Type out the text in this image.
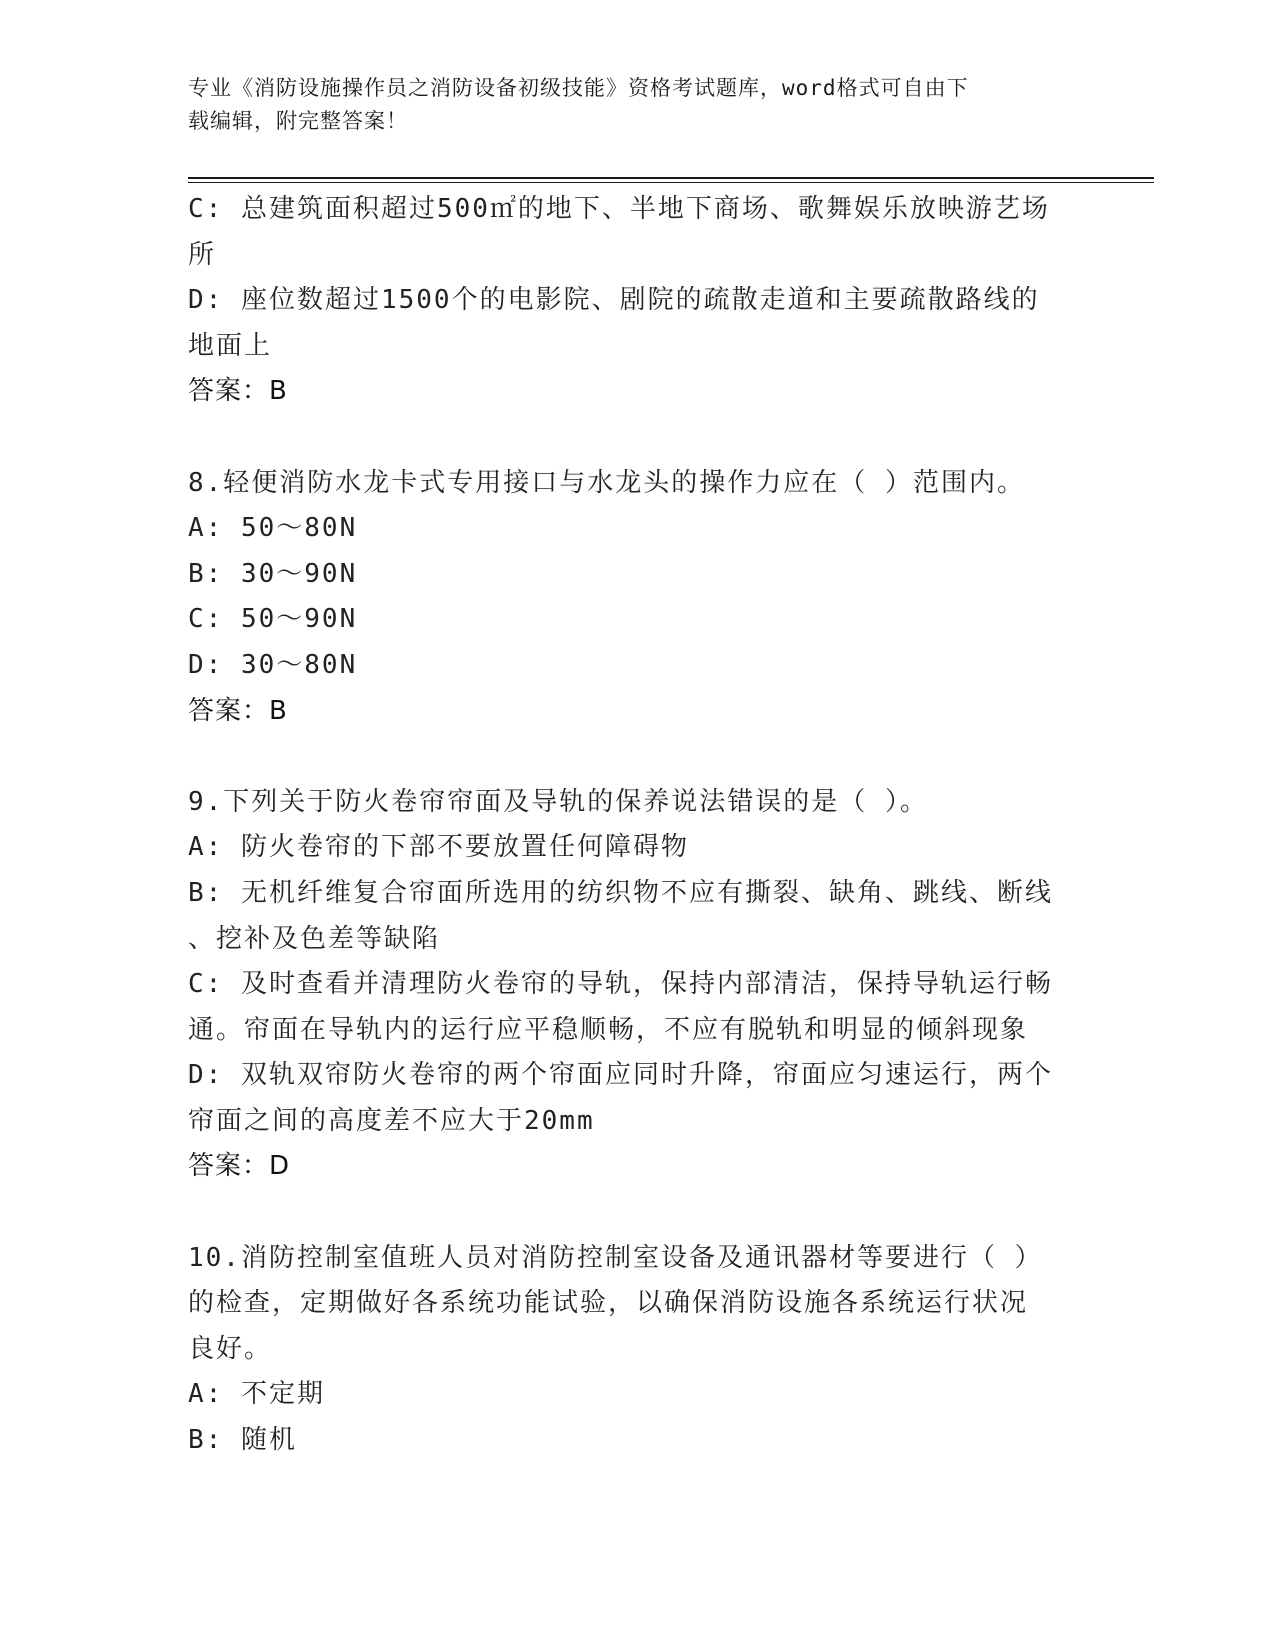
专业《消防设施操作员之消防设备初级技能》资格考试题库，word格式可自由下
载编辑，附完整答案！
C: 总建筑面积超过500㎡的地下、半地下商场、歌舞娱乐放映游艺场
所
D: 座位数超过1500个的电影院、剧院的疏散走道和主要疏散路线的
地面上
答案：B
8.轻便消防水龙卡式专用接口与水龙头的操作力应在（ ）范围内。
A: 50～80N
B: 30～90N
C: 50～90N
D: 30～80N
答案：B
9.下列关于防火卷帘帘面及导轨的保养说法错误的是（ ）。
A: 防火卷帘的下部不要放置任何障碍物
B: 无机纤维复合帘面所选用的纺织物不应有撕裂、缺角、跳线、断线
、挖补及色差等缺陷
C: 及时查看并清理防火卷帘的导轨，保持内部清洁，保持导轨运行畅
通。帘面在导轨内的运行应平稳顺畅，不应有脱轨和明显的倾斜现象
D: 双轨双帘防火卷帘的两个帘面应同时升降，帘面应匀速运行，两个
帘面之间的高度差不应大于20mm
答案：D
10.消防控制室值班人员对消防控制室设备及通讯器材等要进行（ ）
的检查，定期做好各系统功能试验，以确保消防设施各系统运行状况
良好。
A: 不定期
B: 随机
